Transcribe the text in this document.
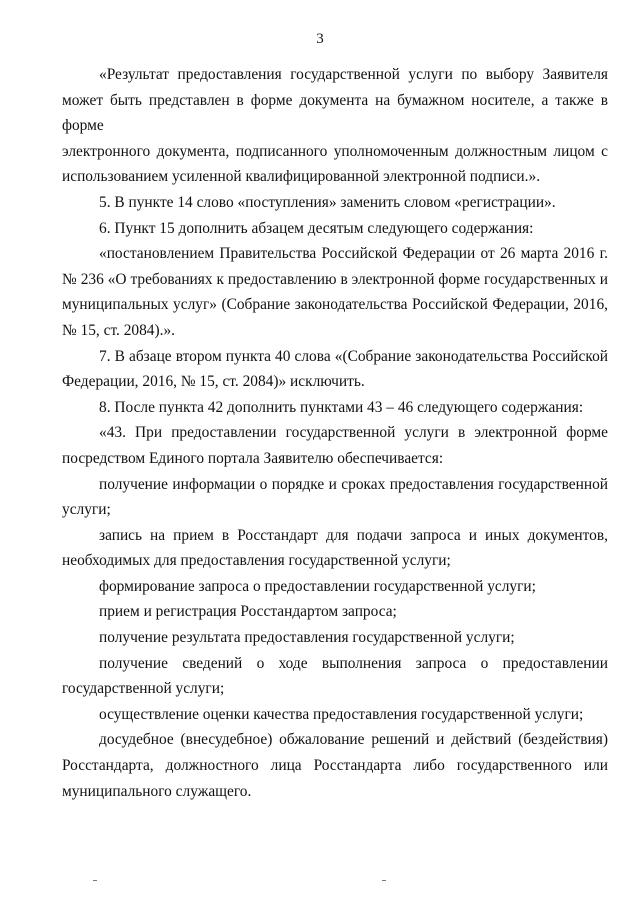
3
«Результат предоставления государственной услуги по выбору Заявителя
может быть представлен в форме документа на бумажном носителе, а также в форме
электронного документа, подписанного уполномоченным должностным лицом с
использованием усиленной квалифицированной электронной подписи.».
5. В пункте 14 слово «поступления» заменить словом «регистрации».
6. Пункт 15 дополнить абзацем десятым следующего содержания:
«постановлением Правительства Российской Федерации от 26 марта 2016 г.
№ 236 «О требованиях к предоставлению в электронной форме государственных и
муниципальных услуг» (Собрание законодательства Российской Федерации, 2016,
№ 15, ст. 2084).».
7. В абзаце втором пункта 40 слова «(Собрание законодательства Российской
Федерации, 2016, № 15, ст. 2084)» исключить.
8. После пункта 42 дополнить пунктами 43 – 46 следующего содержания:
«43. При предоставлении государственной услуги в электронной форме
посредством Единого портала Заявителю обеспечивается:
получение информации о порядке и сроках предоставления государственной
услуги;
запись на прием в Росстандарт для подачи запроса и иных документов,
необходимых для предоставления государственной услуги;
формирование запроса о предоставлении государственной услуги;
прием и регистрация Росстандартом запроса;
получение результата предоставления государственной услуги;
получение сведений о ходе выполнения запроса о предоставлении
государственной услуги;
осуществление оценки качества предоставления государственной услуги;
досудебное (внесудебное) обжалование решений и действий (бездействия)
Росстандарта, должностного лица Росстандарта либо государственного или
муниципального служащего.
